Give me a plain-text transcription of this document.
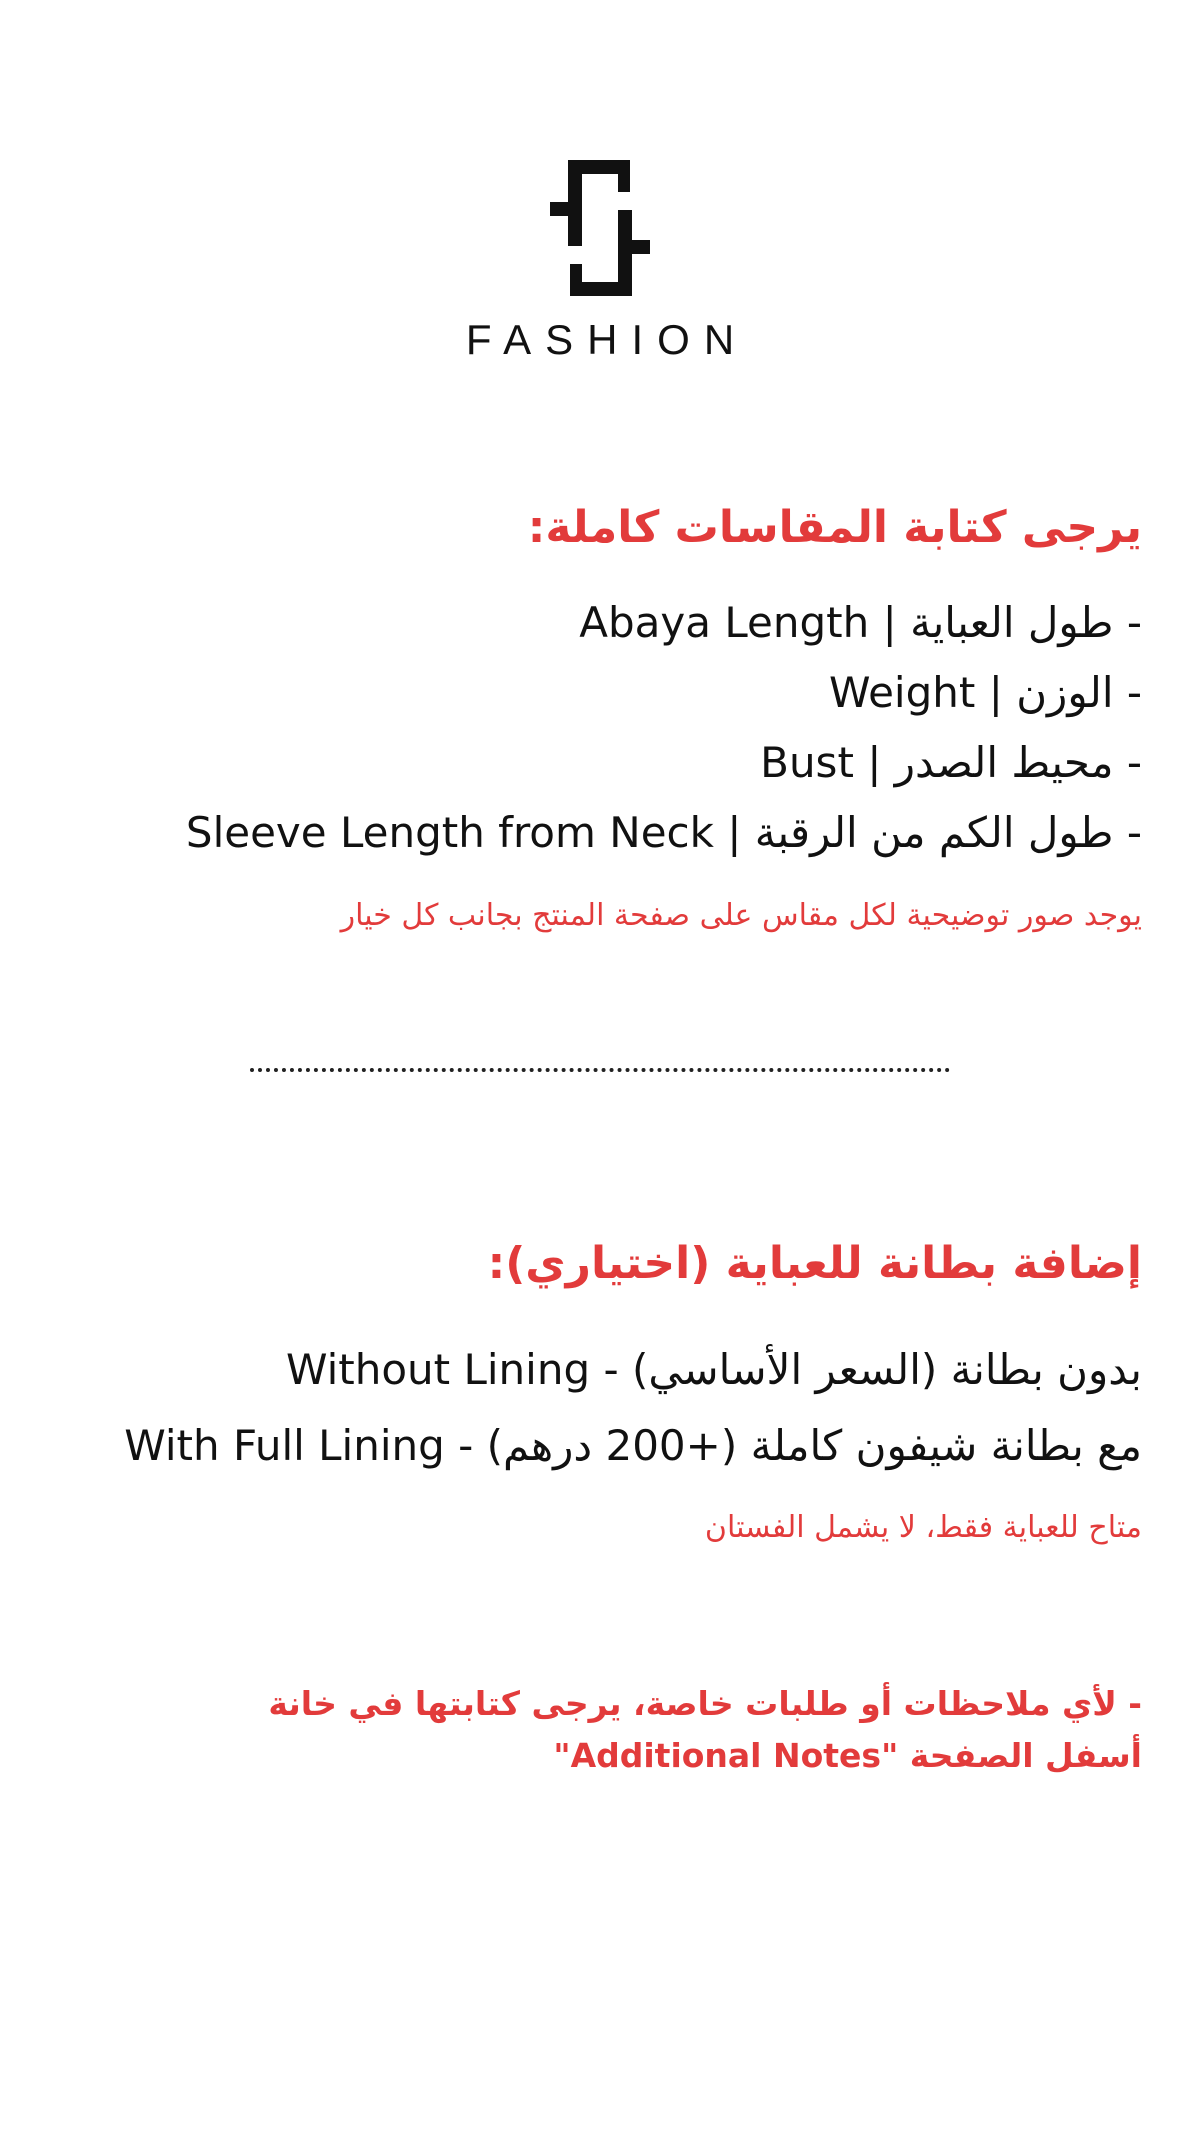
FASHION
يرجى كتابة المقاسات كاملة:
- طول العباية | Abaya Length
- الوزن | Weight
- محيط الصدر | Bust
- طول الكم من الرقبة | Sleeve Length from Neck
يوجد صور توضيحية لكل مقاس على صفحة المنتج بجانب كل خيار
إضافة بطانة للعباية (اختياري):
Without Lining - بدون بطانة (السعر الأساسي)
With Full Lining - مع بطانة شيفون كاملة (+200 درهم)
متاح للعباية فقط، لا يشمل الفستان
- لأي ملاحظات أو طلبات خاصة، يرجى كتابتها في خانة
"Additional Notes" أسفل الصفحة
